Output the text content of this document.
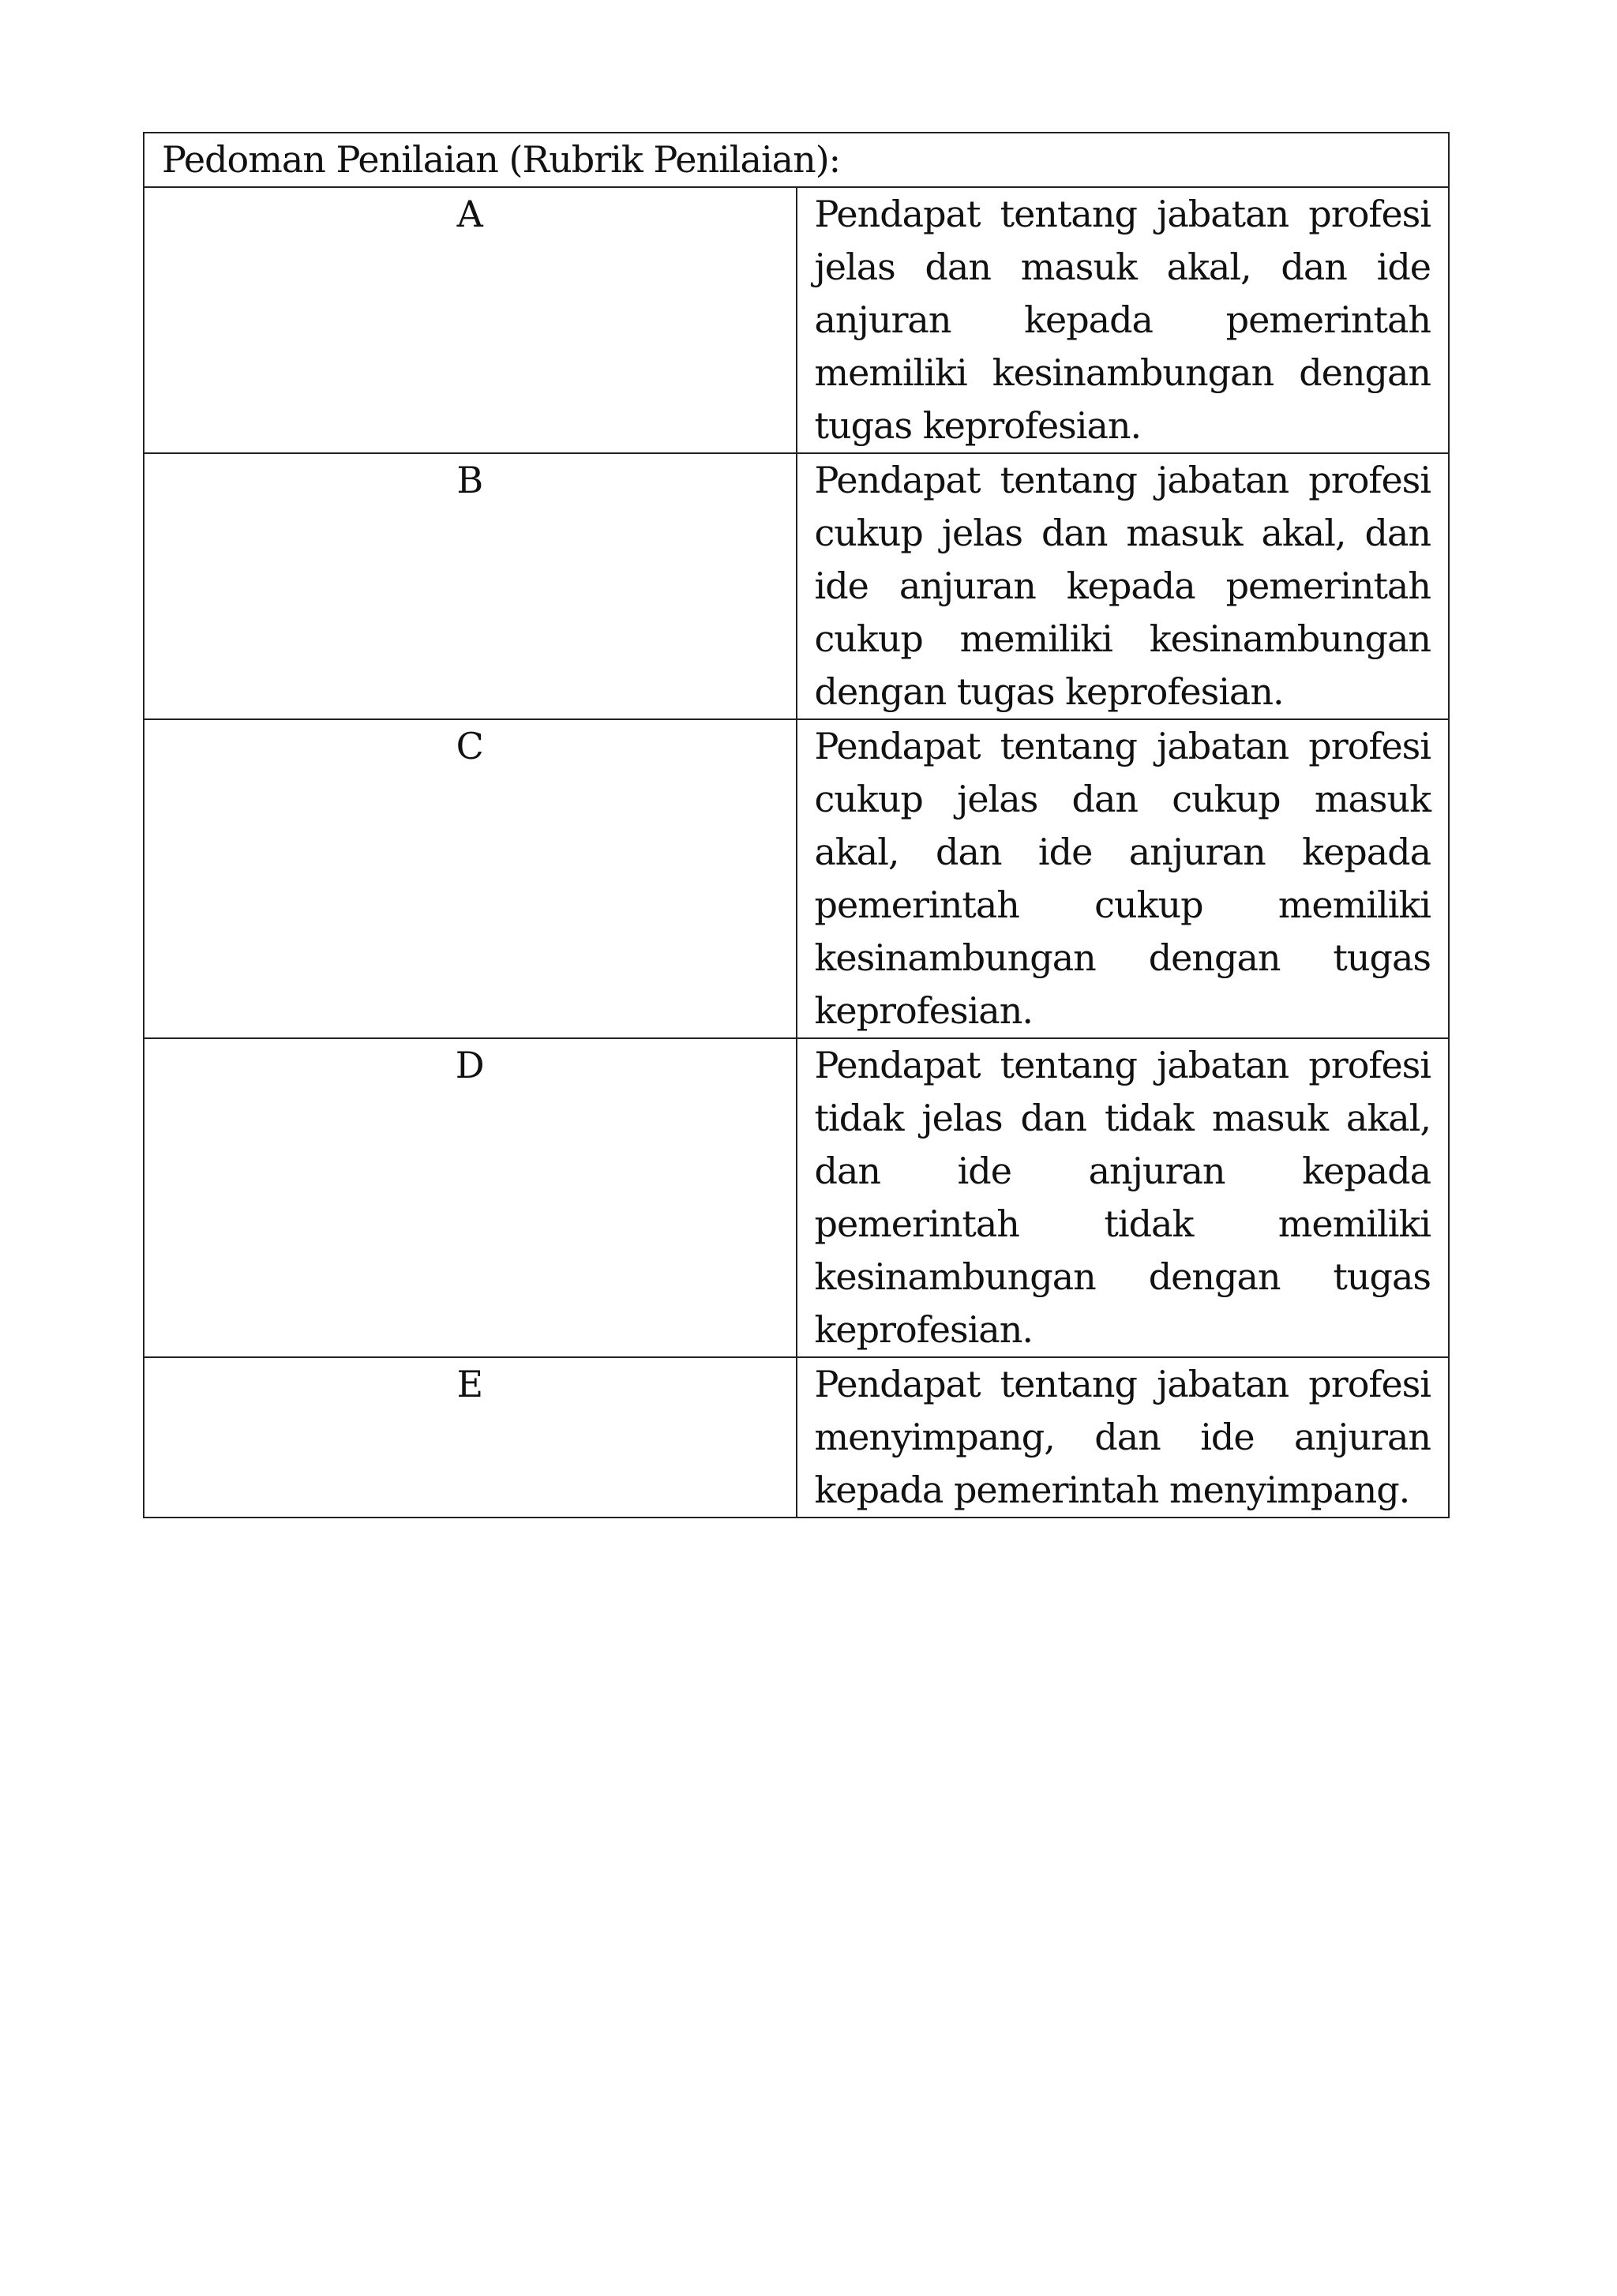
Pedoman Penilaian (Rubrik Penilaian):	
A	Pendapat tentang jabatan profesi jelas dan masuk akal, dan ide anjuran kepada pemerintah memiliki kesinambungan dengan tugas keprofesian.
B	Pendapat tentang jabatan profesi cukup jelas dan masuk akal, dan ide anjuran kepada pemerintah cukup memiliki kesinambungan dengan tugas keprofesian.
C	Pendapat tentang jabatan profesi cukup jelas dan cukup masuk akal, dan ide anjuran kepada pemerintah cukup memiliki kesinambungan dengan tugas keprofesian.
D	Pendapat tentang jabatan profesi tidak jelas dan tidak masuk akal, dan ide anjuran kepada pemerintah tidak memiliki kesinambungan dengan tugas keprofesian.
E	Pendapat tentang jabatan profesi menyimpang, dan ide anjuran kepada pemerintah menyimpang.
